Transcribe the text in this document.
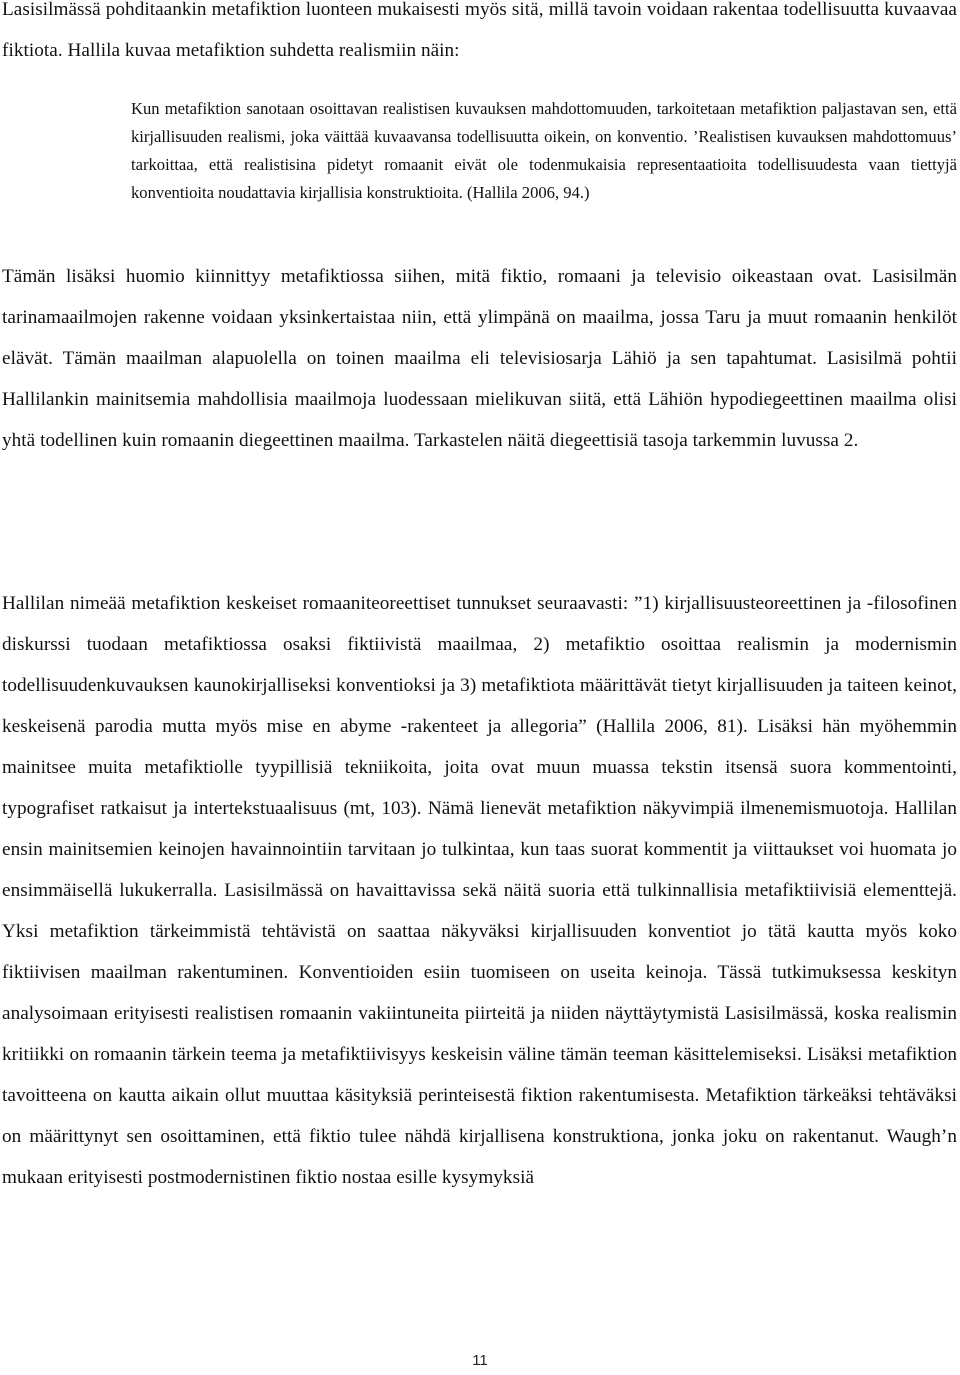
Lasisilmässä pohditaankin metafiktion luonteen mukaisesti myös sitä, millä tavoin voidaan rakentaa todellisuutta kuvaavaa fiktiota. Hallila kuvaa metafiktion suhdetta realismiin näin:

Kun metafiktion sanotaan osoittavan realistisen kuvauksen mahdottomuuden, tarkoitetaan metafiktion paljastavan sen, että kirjallisuuden realismi, joka väittää kuvaavansa todellisuutta oikein, on konventio. ’Realistisen kuvauksen mahdottomuus’ tarkoittaa, että realistisina pidetyt romaanit eivät ole todenmukaisia representaatioita todellisuudesta vaan tiettyjä konventioita noudattavia kirjallisia konstruktioita. (Hallila 2006, 94.)

Tämän lisäksi huomio kiinnittyy metafiktiossa siihen, mitä fiktio, romaani ja televisio oikeastaan ovat. Lasisilmän tarinamaailmojen rakenne voidaan yksinkertaistaa niin, että ylimpänä on maailma, jossa Taru ja muut romaanin henkilöt elävät. Tämän maailman alapuolella on toinen maailma eli televisiosarja Lähiö ja sen tapahtumat. Lasisilmä pohtii Hallilankin mainitsemia mahdollisia maailmoja luodessaan mielikuvan siitä, että Lähiön hypodiegeettinen maailma olisi yhtä todellinen kuin romaanin diegeettinen maailma. Tarkastelen näitä diegeettisiä tasoja tarkemmin luvussa 2.

Hallilan nimeää metafiktion keskeiset romaaniteoreettiset tunnukset seuraavasti: ”1) kirjallisuusteoreettinen ja -filosofinen diskurssi tuodaan metafiktiossa osaksi fiktiivistä maailmaa, 2) metafiktio osoittaa realismin ja modernismin todellisuudenkuvauksen kaunokirjalliseksi konventioksi ja 3) metafiktiota määrittävät tietyt kirjallisuuden ja taiteen keinot, keskeisenä parodia mutta myös mise en abyme -rakenteet ja allegoria” (Hallila 2006, 81). Lisäksi hän myöhemmin mainitsee muita metafiktiolle tyypillisiä tekniikoita, joita ovat muun muassa tekstin itsensä suora kommentointi, typografiset ratkaisut ja intertekstuaalisuus (mt, 103). Nämä lienevät metafiktion näkyvimpiä ilmenemismuotoja. Hallilan ensin mainitsemien keinojen havainnointiin tarvitaan jo tulkintaa, kun taas suorat kommentit ja viittaukset voi huomata jo ensimmäisellä lukukerralla. Lasisilmässä on havaittavissa sekä näitä suoria että tulkinnallisia metafiktiivisiä elementtejä. Yksi metafiktion tärkeimmistä tehtävistä on saattaa näkyväksi kirjallisuuden konventiot jo tätä kautta myös koko fiktiivisen maailman rakentuminen. Konventioiden esiin tuomiseen on useita keinoja. Tässä tutkimuksessa keskityn analysoimaan erityisesti realistisen romaanin vakiintuneita piirteitä ja niiden näyttäytymistä Lasisilmässä, koska realismin kritiikki on romaanin tärkein teema ja metafiktiivisyys keskeisin väline tämän teeman käsittelemiseksi. Lisäksi metafiktion tavoitteena on kautta aikain ollut muuttaa käsityksiä perinteisestä fiktion rakentumisesta. Metafiktion tärkeäksi tehtäväksi on määrittynyt sen osoittaminen, että fiktio tulee nähdä kirjallisena konstruktiona, jonka joku on rakentanut. Waugh’n mukaan erityisesti postmodernistinen fiktio nostaa esille kysymyksiä

11
